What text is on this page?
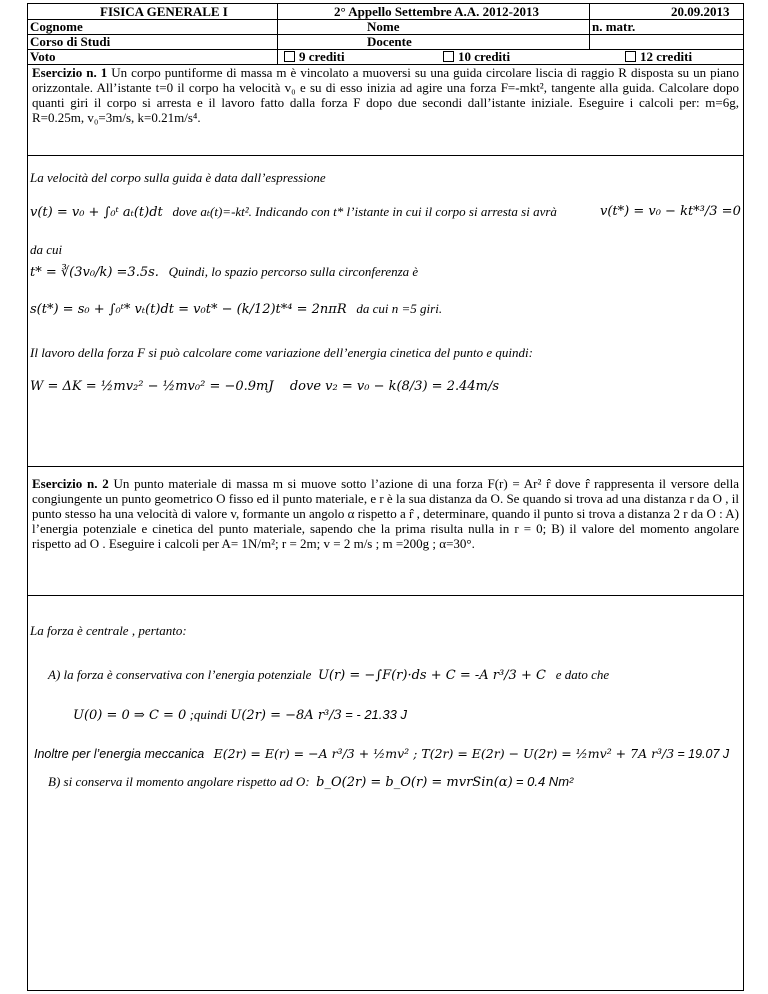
FISICA GENERALE I	2° Appello Settembre A.A. 2012-2013	20.09.2013
Cognome	Nome	n. matr.
Corso di Studi	Docente
Voto	9 crediti	10 crediti	12 crediti
Esercizio n. 1 Un corpo puntiforme di massa m è vincolato a muoversi su una guida circolare liscia di raggio R disposta su un piano orizzontale. All’istante t=0 il corpo ha velocità v₀ e su di esso inizia ad agire una forza F=-mkt², tangente alla guida. Calcolare dopo quanti giri il corpo si arresta e il lavoro fatto dalla forza F dopo due secondi dall’istante iniziale. Eseguire i calcoli per: m=6g, R=0.25m, v₀=3m/s, k=0.21m/s⁴.
La velocità del corpo sulla guida è data dall’espressione
v(t) = v₀ + ∫₀ᵗ aₜ(t)dt dove aₜ(t)=-kt². Indicando con t* l’istante in cui il corpo si arresta si avrà	v(t*) = v₀ − kt*³/3 =0
da cui
t* = ∛(3v₀/k) =3.5s. Quindi, lo spazio percorso sulla circonferenza è
s(t*) = s₀ + ∫₀ᵗ* vₜ(t)dt = v₀t* − (k/12)t*⁴ = 2nπR da cui n =5 giri.
Il lavoro della forza F si può calcolare come variazione dell’energia cinetica del punto e quindi:
W = ΔK = ½mv₂² − ½mv₀² = −0.9mJ dove v₂ = v₀ − k(8/3) = 2.44m/s
Esercizio n. 2 Un punto materiale di massa m si muove sotto l’azione di una forza F(r) = Ar² r̂ dove r̂ rappresenta il versore della congiungente un punto geometrico O fisso ed il punto materiale, e r è la sua distanza da O. Se quando si trova ad una distanza r da O , il punto stesso ha una velocità di valore v, formante un angolo α rispetto a r̂ , determinare, quando il punto si trova a distanza 2 r da O : A) l’energia potenziale e cinetica del punto materiale, sapendo che la prima risulta nulla in r = 0; B) il valore del momento angolare rispetto ad O . Eseguire i calcoli per A= 1N/m²; r = 2m; v = 2 m/s ; m =200g ; α=30°.
La forza è centrale , pertanto:
A) la forza è conservativa con l’energia potenziale U(r) = −∫F(r)·ds + C = -A r³/3 + C e dato che
U(0) = 0 ⇒ C = 0 ;quindi U(2r) = −8A r³/3 = - 21.33 J
Inoltre per l’energia meccanica E(2r) = E(r) = −A r³/3 + ½mv² ; T(2r) = E(2r) − U(2r) = ½mv² + 7A r³/3 = 19.07 J
B) si conserva il momento angolare rispetto ad O: b_O(2r) = b_O(r) = mvrSin(α) = 0.4 Nm²
